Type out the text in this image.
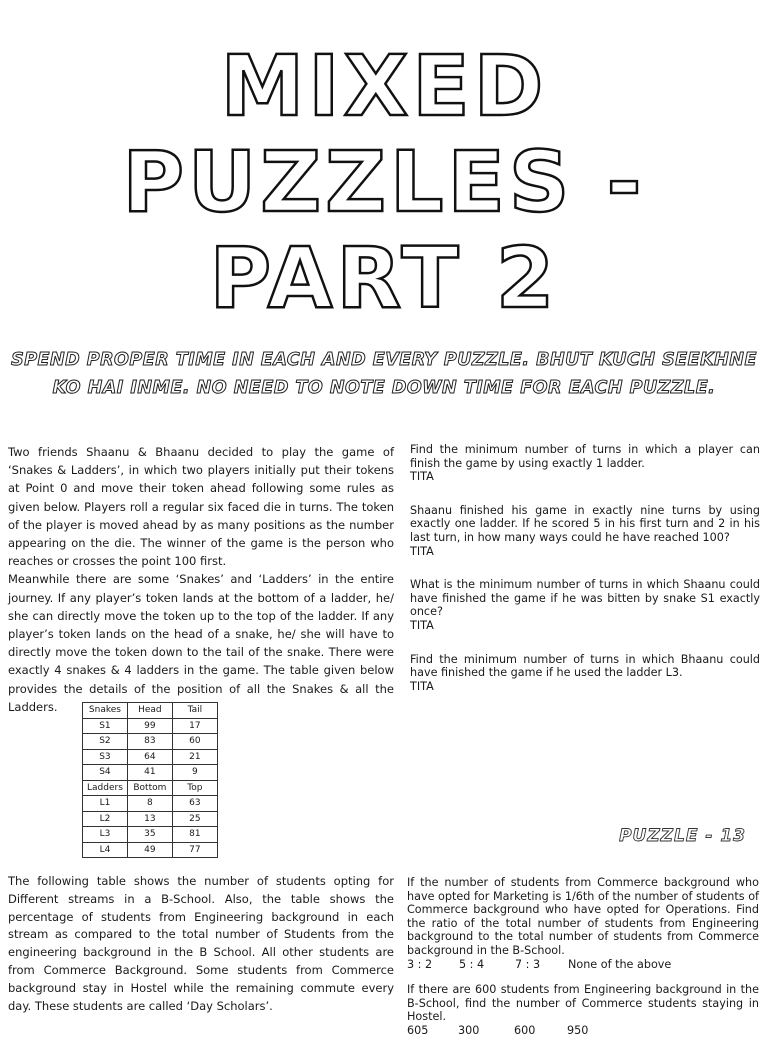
MIXED
PUZZLES -
PART 2
SPEND PROPER TIME IN EACH AND EVERY PUZZLE. BHUT KUCH SEEKHNE
KO HAI INME. NO NEED TO NOTE DOWN TIME FOR EACH PUZZLE.

Two friends Shaanu & Bhaanu decided to play the game of ‘Snakes & Ladders’, in which two players initially put their tokens at Point 0 and move their token ahead following some rules as given below. Players roll a regular six faced die in turns. The token of the player is moved ahead by as many positions as the number appearing on the die. The winner of the game is the person who reaches or crosses the point 100 first.

Meanwhile there are some ‘Snakes’ and ‘Ladders’ in the entire journey. If any player’s token lands at the bottom of a ladder, he/ she can directly move the token up to the top of the ladder. If any player’s token lands on the head of a snake, he/ she will have to directly move the token down to the tail of the snake. There were exactly 4 snakes & 4 ladders in the game. The table given below provides the details of the position of all the Snakes & all the Ladders.	Snakes	Head	Tail
S1	99	17
S2	83	60
S3	64	21
S4	41	9
Ladders	Bottom	Top
L1	8	63
L2	13	25
L3	35	81
L4	49	77

Find the minimum number of turns in which a player can finish the game by using exactly 1 ladder.

TITA

Shaanu finished his game in exactly nine turns by using exactly one ladder. If he scored 5 in his first turn and 2 in his last turn, in how many ways could he have reached 100?

TITA

What is the minimum number of turns in which Shaanu could have finished the game if he was bitten by snake S1 exactly once?

TITA

Find the minimum number of turns in which Bhaanu could have finished the game if he used the ladder L3.

TITA
PUZZLE - 13

The following table shows the number of students opting for Different streams in a B-School. Also, the table shows the percentage of students from Engineering background in each stream as compared to the total number of Students from the engineering background in the B School. All other students are from Commerce Background. Some students from Commerce background stay in Hostel while the remaining commute every day. These students are called ‘Day Scholars’.

If the number of students from Commerce background who have opted for Marketing is 1/6th of the number of students of Commerce background who have opted for Operations. Find the ratio of the total number of students from Engineering background to the total number of students from Commerce background in the B-School.

3 : 2	5 : 4	7 : 3	None of the above

If there are 600 students from Engineering background in the B-School, find the number of Commerce students staying in Hostel.

605	300	600	950
